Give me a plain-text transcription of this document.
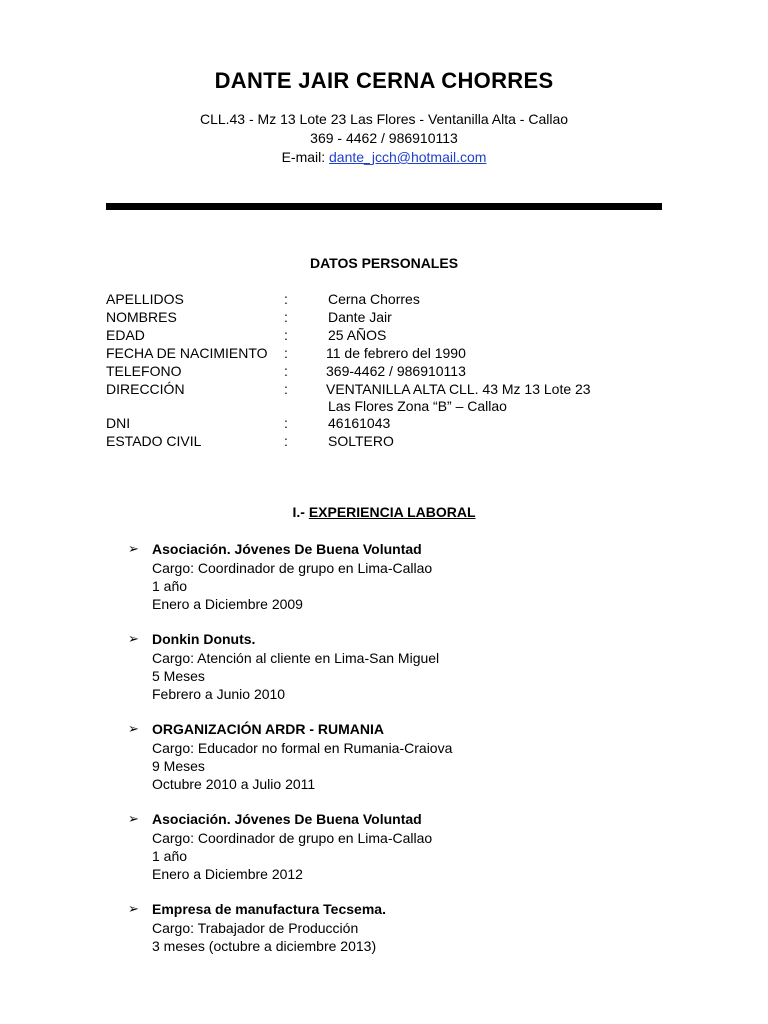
DANTE JAIR CERNA CHORRES
CLL.43 - Mz 13 Lote 23 Las Flores - Ventanilla Alta - Callao
369 - 4462 / 986910113
E-mail: dante_jcch@hotmail.com
DATOS PERSONALES
APELLIDOS	:	Cerna Chorres
NOMBRES	:	Dante Jair
EDAD	:	25 AÑOS
FECHA DE NACIMIENTO :	11 de febrero del 1990
TELEFONO	:	369-4462 / 986910113
DIRECCIÓN	:	VENTANILLA ALTA CLL. 43 Mz 13 Lote 23
Las Flores Zona “B” – Callao
DNI	:	46161043
ESTADO CIVIL	:	SOLTERO
I.- EXPERIENCIA LABORAL
➢ Asociación. Jóvenes De Buena Voluntad
Cargo: Coordinador de grupo en Lima-Callao
1 año
Enero a Diciembre 2009
➢ Donkin Donuts.
Cargo: Atención al cliente en Lima-San Miguel
5 Meses
Febrero a Junio 2010
➢ ORGANIZACIÓN ARDR - RUMANIA
Cargo: Educador no formal en Rumania-Craiova
9 Meses
Octubre 2010 a Julio 2011
➢ Asociación. Jóvenes De Buena Voluntad
Cargo: Coordinador de grupo en Lima-Callao
1 año
Enero a Diciembre 2012
➢ Empresa de manufactura Tecsema.
Cargo: Trabajador de Producción
3 meses (octubre a diciembre 2013)
